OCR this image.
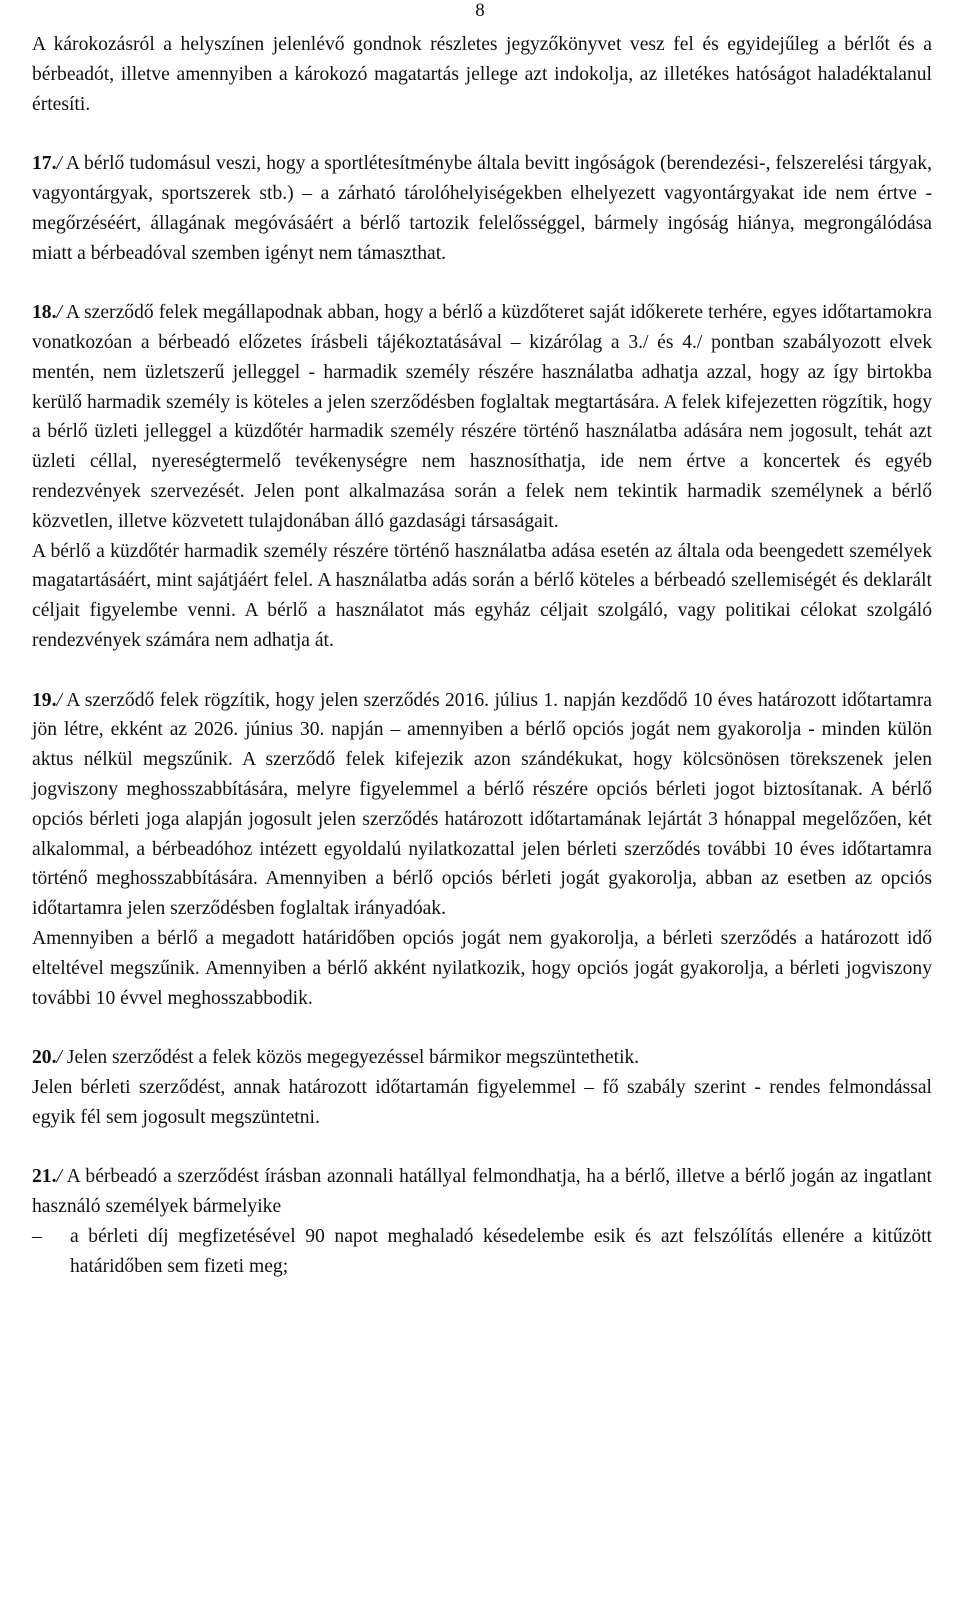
8

A károkozásról a helyszínen jelenlévő gondnok részletes jegyzőkönyvet vesz fel és egyidejűleg a bérlőt és a bérbeadót, illetve amennyiben a károkozó magatartás jellege azt indokolja, az illetékes hatóságot haladéktalanul értesíti.

17./ A bérlő tudomásul veszi, hogy a sportlétesítménybe általa bevitt ingóságok (berendezési-, felszerelési tárgyak, vagyontárgyak, sportszerek stb.) – a zárható tárolóhelyiségekben elhelyezett vagyontárgyakat ide nem értve - megőrzéséért, állagának megóvásáért a bérlő tartozik felelősséggel, bármely ingóság hiánya, megrongálódása miatt a bérbeadóval szemben igényt nem támaszthat.

18./ A szerződő felek megállapodnak abban, hogy a bérlő a küzdőteret saját időkerete terhére, egyes időtartamokra vonatkozóan a bérbeadó előzetes írásbeli tájékoztatásával – kizárólag a 3./ és 4./ pontban szabályozott elvek mentén, nem üzletszerű jelleggel - harmadik személy részére használatba adhatja azzal, hogy az így birtokba kerülő harmadik személy is köteles a jelen szerződésben foglaltak megtartására. A felek kifejezetten rögzítik, hogy a bérlő üzleti jelleggel a küzdőtér harmadik személy részére történő használatba adására nem jogosult, tehát azt üzleti céllal, nyereségtermelő tevékenységre nem hasznosíthatja, ide nem értve a koncertek és egyéb rendezvények szervezését. Jelen pont alkalmazása során a felek nem tekintik harmadik személynek a bérlő közvetlen, illetve közvetett tulajdonában álló gazdasági társaságait.

A bérlő a küzdőtér harmadik személy részére történő használatba adása esetén az általa oda beengedett személyek magatartásáért, mint sajátjáért felel. A használatba adás során a bérlő köteles a bérbeadó szellemiségét és deklarált céljait figyelembe venni. A bérlő a használatot más egyház céljait szolgáló, vagy politikai célokat szolgáló rendezvények számára nem adhatja át.

19./ A szerződő felek rögzítik, hogy jelen szerződés 2016. július 1. napján kezdődő 10 éves határozott időtartamra jön létre, ekként az 2026. június 30. napján – amennyiben a bérlő opciós jogát nem gyakorolja - minden külön aktus nélkül megszűnik. A szerződő felek kifejezik azon szándékukat, hogy kölcsönösen törekszenek jelen jogviszony meghosszabbítására, melyre figyelemmel a bérlő részére opciós bérleti jogot biztosítanak. A bérlő opciós bérleti joga alapján jogosult jelen szerződés határozott időtartamának lejártát 3 hónappal megelőzően, két alkalommal, a bérbeadóhoz intézett egyoldalú nyilatkozattal jelen bérleti szerződés további 10 éves időtartamra történő meghosszabbítására. Amennyiben a bérlő opciós bérleti jogát gyakorolja, abban az esetben az opciós időtartamra jelen szerződésben foglaltak irányadóak.

Amennyiben a bérlő a megadott határidőben opciós jogát nem gyakorolja, a bérleti szerződés a határozott idő elteltével megszűnik. Amennyiben a bérlő akként nyilatkozik, hogy opciós jogát gyakorolja, a bérleti jogviszony további 10 évvel meghosszabbodik.

20./ Jelen szerződést a felek közös megegyezéssel bármikor megszüntethetik.

Jelen bérleti szerződést, annak határozott időtartamán figyelemmel – fő szabály szerint - rendes felmondással egyik fél sem jogosult megszüntetni.

21./ A bérbeadó a szerződést írásban azonnali hatállyal felmondhatja, ha a bérlő, illetve a bérlő jogán az ingatlant használó személyek bármelyike

– a bérleti díj megfizetésével 90 napot meghaladó késedelembe esik és azt felszólítás ellenére a kitűzött határidőben sem fizeti meg;
